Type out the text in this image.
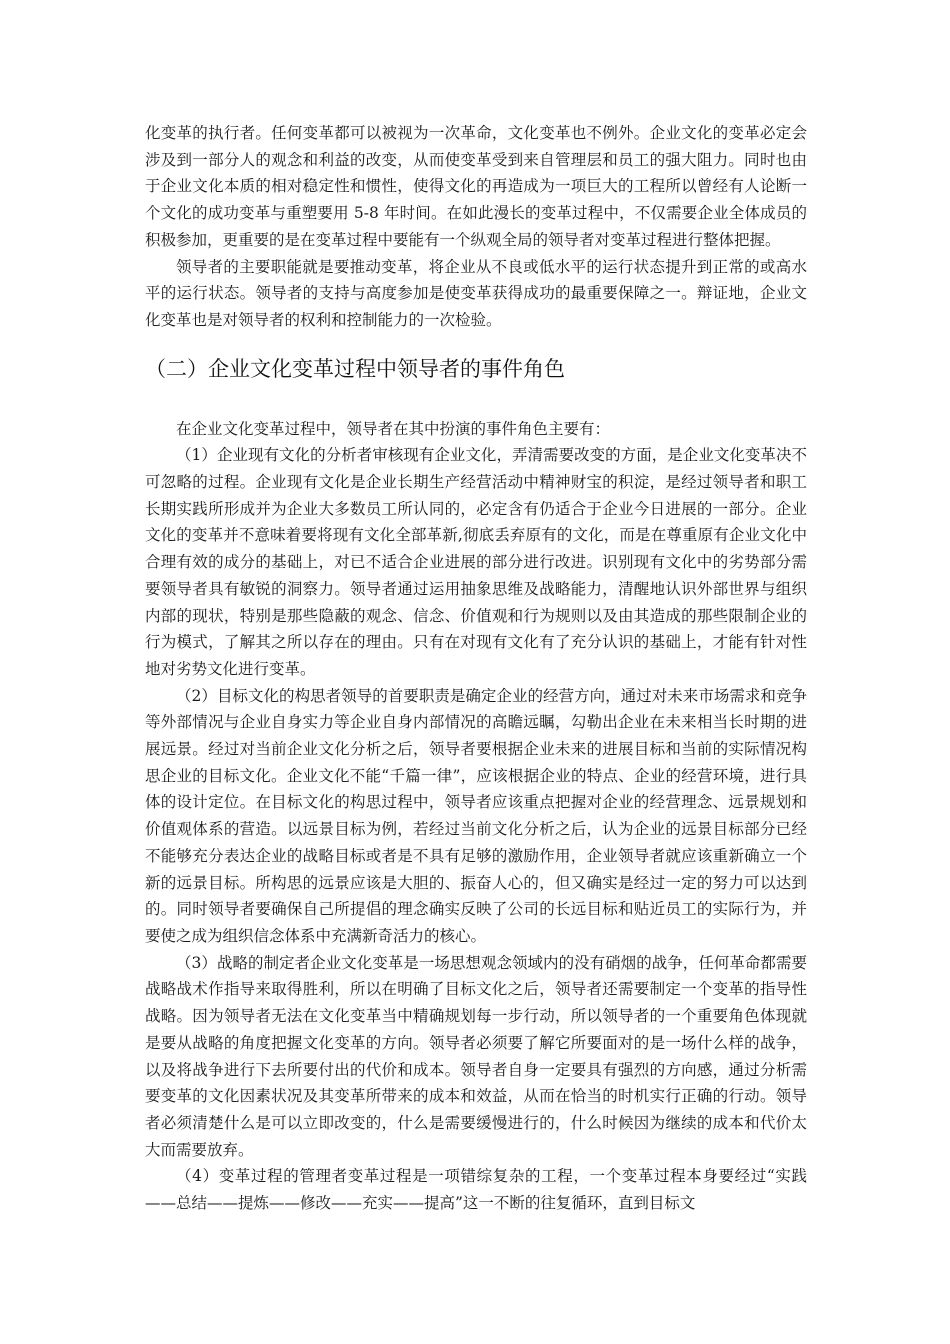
化变革的执行者。任何变革都可以被视为一次革命，文化变革也不例外。企业文化的变革必定会涉及到一部分人的观念和利益的改变，从而使变革受到来自管理层和员工的强大阻力。同时也由于企业文化本质的相对稳定性和惯性，使得文化的再造成为一项巨大的工程所以曾经有人论断一个文化的成功变革与重塑要用 5-8 年时间。在如此漫长的变革过程中，不仅需要企业全体成员的积极参加，更重要的是在变革过程中要能有一个纵观全局的领导者对变革过程进行整体把握。

领导者的主要职能就是要推动变革，将企业从不良或低水平的运行状态提升到正常的或高水平的运行状态。领导者的支持与高度参加是使变革获得成功的最重要保障之一。辩证地，企业文化变革也是对领导者的权利和控制能力的一次检验。

（二）企业文化变革过程中领导者的事件角色

在企业文化变革过程中，领导者在其中扮演的事件角色主要有：

（1）企业现有文化的分析者审核现有企业文化，弄清需要改变的方面，是企业文化变革决不可忽略的过程。企业现有文化是企业长期生产经营活动中精神财宝的积淀，是经过领导者和职工长期实践所形成并为企业大多数员工所认同的，必定含有仍适合于企业今日进展的一部分。企业文化的变革并不意味着要将现有文化全部革新,彻底丢弃原有的文化，而是在尊重原有企业文化中合理有效的成分的基础上，对已不适合企业进展的部分进行改进。识别现有文化中的劣势部分需要领导者具有敏锐的洞察力。领导者通过运用抽象思维及战略能力，清醒地认识外部世界与组织内部的现状，特别是那些隐蔽的观念、信念、价值观和行为规则以及由其造成的那些限制企业的行为模式，了解其之所以存在的理由。只有在对现有文化有了充分认识的基础上，才能有针对性地对劣势文化进行变革。

（2）目标文化的构思者领导的首要职责是确定企业的经营方向，通过对未来市场需求和竞争等外部情况与企业自身实力等企业自身内部情况的高瞻远瞩，勾勒出企业在未来相当长时期的进展远景。经过对当前企业文化分析之后，领导者要根据企业未来的进展目标和当前的实际情况构思企业的目标文化。企业文化不能“千篇一律”，应该根据企业的特点、企业的经营环境，进行具体的设计定位。在目标文化的构思过程中，领导者应该重点把握对企业的经营理念、远景规划和价值观体系的营造。以远景目标为例，若经过当前文化分析之后，认为企业的远景目标部分已经不能够充分表达企业的战略目标或者是不具有足够的激励作用，企业领导者就应该重新确立一个新的远景目标。所构思的远景应该是大胆的、振奋人心的，但又确实是经过一定的努力可以达到的。同时领导者要确保自己所提倡的理念确实反映了公司的长远目标和贴近员工的实际行为，并要使之成为组织信念体系中充满新奇活力的核心。

（3）战略的制定者企业文化变革是一场思想观念领域内的没有硝烟的战争，任何革命都需要战略战术作指导来取得胜利，所以在明确了目标文化之后，领导者还需要制定一个变革的指导性战略。因为领导者无法在文化变革当中精确规划每一步行动，所以领导者的一个重要角色体现就是要从战略的角度把握文化变革的方向。领导者必须要了解它所要面对的是一场什么样的战争，以及将战争进行下去所要付出的代价和成本。领导者自身一定要具有强烈的方向感，通过分析需要变革的文化因素状况及其变革所带来的成本和效益，从而在恰当的时机实行正确的行动。领导者必须清楚什么是可以立即改变的，什么是需要缓慢进行的，什么时候因为继续的成本和代价太大而需要放弃。

（4）变革过程的管理者变革过程是一项错综复杂的工程，一个变革过程本身要经过“实践——总结——提炼——修改——充实——提高”这一不断的往复循环，直到目标文
